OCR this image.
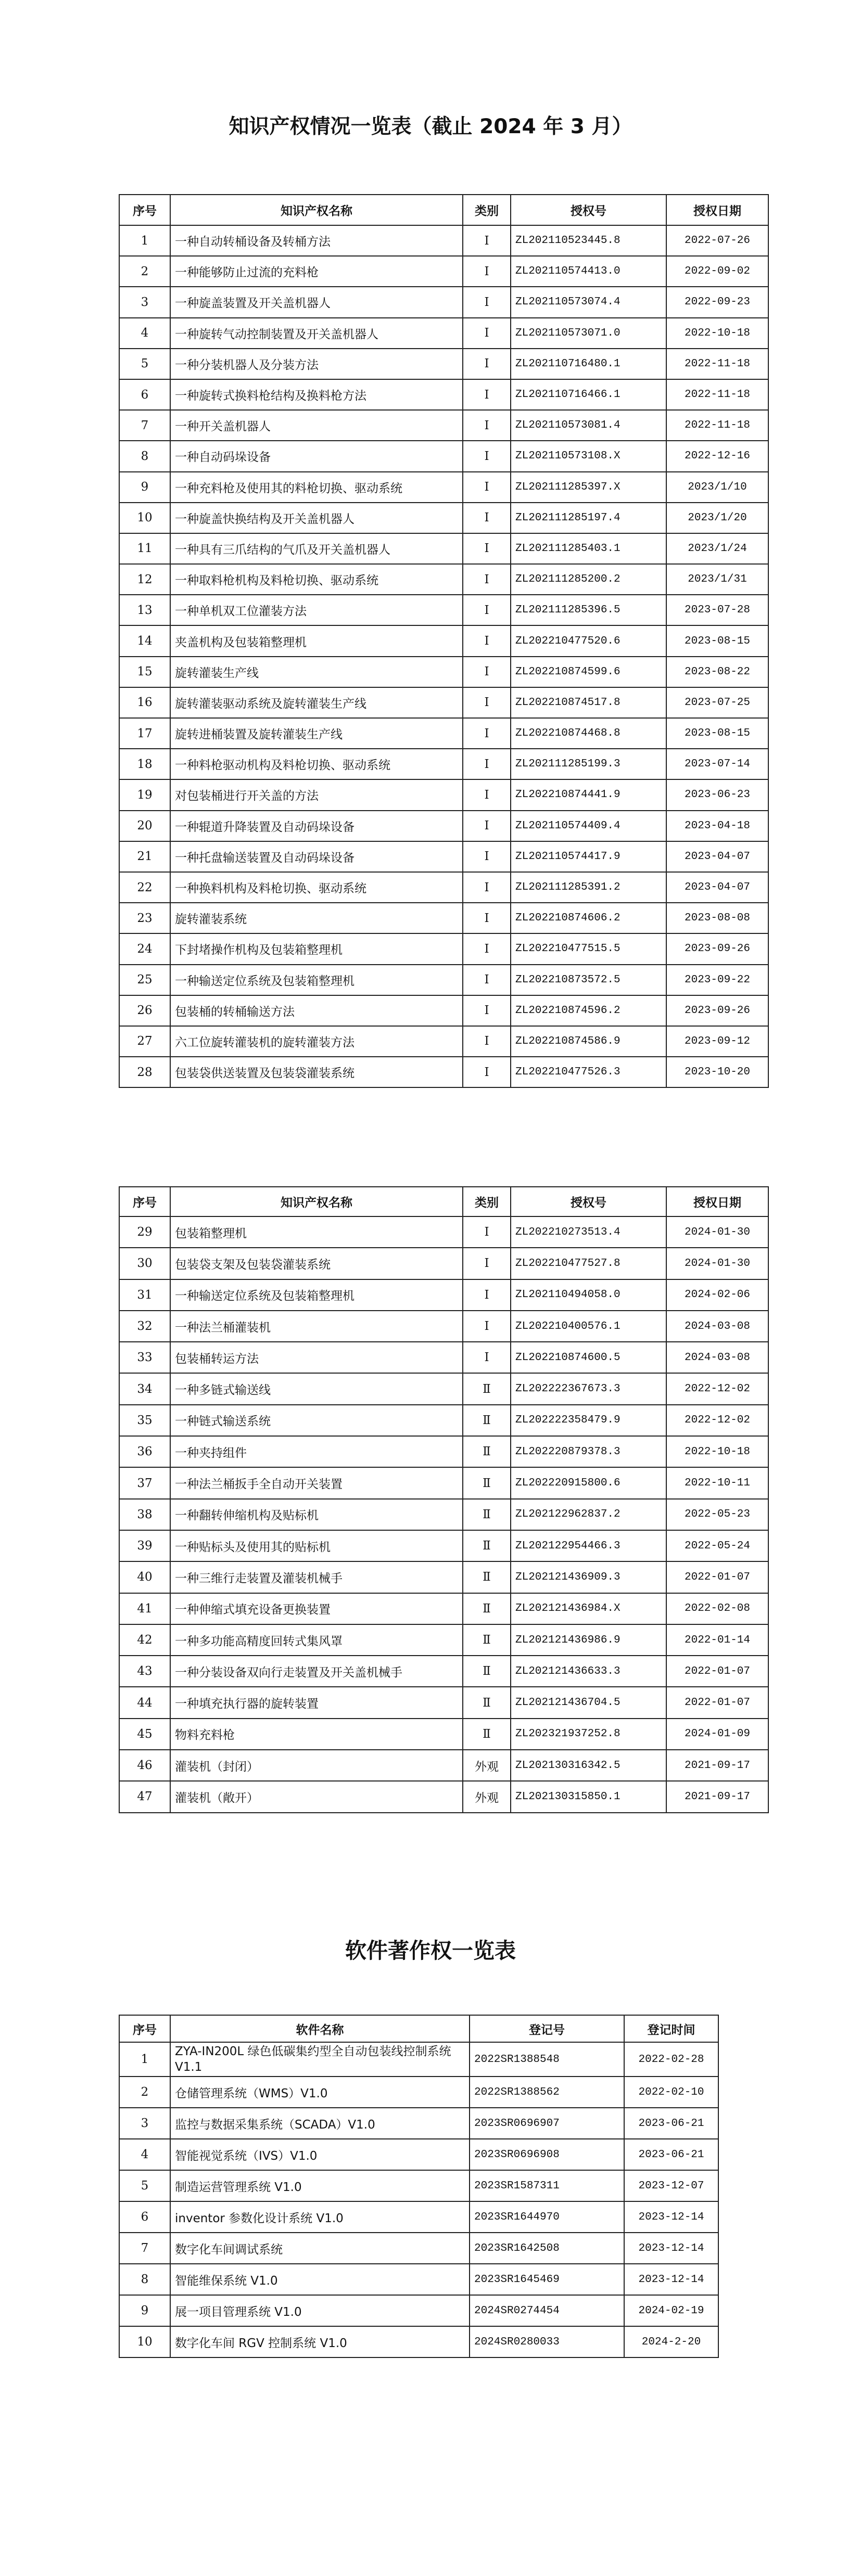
知识产权情况一览表（截止 2024 年 3 月）
序号	知识产权名称	类别	授权号	授权日期
1	一种自动转桶设备及转桶方法	Ⅰ	ZL202110523445.8	2022-07-26
2	一种能够防止过流的充料枪	Ⅰ	ZL202110574413.0	2022-09-02
3	一种旋盖装置及开关盖机器人	Ⅰ	ZL202110573074.4	2022-09-23
4	一种旋转气动控制装置及开关盖机器人	Ⅰ	ZL202110573071.0	2022-10-18
5	一种分装机器人及分装方法	Ⅰ	ZL202110716480.1	2022-11-18
6	一种旋转式换料枪结构及换料枪方法	Ⅰ	ZL202110716466.1	2022-11-18
7	一种开关盖机器人	Ⅰ	ZL202110573081.4	2022-11-18
8	一种自动码垛设备	Ⅰ	ZL202110573108.X	2022-12-16
9	一种充料枪及使用其的料枪切换、驱动系统	Ⅰ	ZL202111285397.X	2023/1/10
10	一种旋盖快换结构及开关盖机器人	Ⅰ	ZL202111285197.4	2023/1/20
11	一种具有三爪结构的气爪及开关盖机器人	Ⅰ	ZL202111285403.1	2023/1/24
12	一种取料枪机构及料枪切换、驱动系统	Ⅰ	ZL202111285200.2	2023/1/31
13	一种单机双工位灌装方法	Ⅰ	ZL202111285396.5	2023-07-28
14	夹盖机构及包装箱整理机	Ⅰ	ZL202210477520.6	2023-08-15
15	旋转灌装生产线	Ⅰ	ZL202210874599.6	2023-08-22
16	旋转灌装驱动系统及旋转灌装生产线	Ⅰ	ZL202210874517.8	2023-07-25
17	旋转进桶装置及旋转灌装生产线	Ⅰ	ZL202210874468.8	2023-08-15
18	一种料枪驱动机构及料枪切换、驱动系统	Ⅰ	ZL202111285199.3	2023-07-14
19	对包装桶进行开关盖的方法	Ⅰ	ZL202210874441.9	2023-06-23
20	一种辊道升降装置及自动码垛设备	Ⅰ	ZL202110574409.4	2023-04-18
21	一种托盘输送装置及自动码垛设备	Ⅰ	ZL202110574417.9	2023-04-07
22	一种换料机构及料枪切换、驱动系统	Ⅰ	ZL202111285391.2	2023-04-07
23	旋转灌装系统	Ⅰ	ZL202210874606.2	2023-08-08
24	下封堵操作机构及包装箱整理机	Ⅰ	ZL202210477515.5	2023-09-26
25	一种输送定位系统及包装箱整理机	Ⅰ	ZL202210873572.5	2023-09-22
26	包装桶的转桶输送方法	Ⅰ	ZL202210874596.2	2023-09-26
27	六工位旋转灌装机的旋转灌装方法	Ⅰ	ZL202210874586.9	2023-09-12
28	包装袋供送装置及包装袋灌装系统	Ⅰ	ZL202210477526.3	2023-10-20
序号	知识产权名称	类别	授权号	授权日期
29	包装箱整理机	Ⅰ	ZL202210273513.4	2024-01-30
30	包装袋支架及包装袋灌装系统	Ⅰ	ZL202210477527.8	2024-01-30
31	一种输送定位系统及包装箱整理机	Ⅰ	ZL202110494058.0	2024-02-06
32	一种法兰桶灌装机	Ⅰ	ZL202210400576.1	2024-03-08
33	包装桶转运方法	Ⅰ	ZL202210874600.5	2024-03-08
34	一种多链式输送线	Ⅱ	ZL202222367673.3	2022-12-02
35	一种链式输送系统	Ⅱ	ZL202222358479.9	2022-12-02
36	一种夹持组件	Ⅱ	ZL202220879378.3	2022-10-18
37	一种法兰桶扳手全自动开关装置	Ⅱ	ZL202220915800.6	2022-10-11
38	一种翻转伸缩机构及贴标机	Ⅱ	ZL202122962837.2	2022-05-23
39	一种贴标头及使用其的贴标机	Ⅱ	ZL202122954466.3	2022-05-24
40	一种三维行走装置及灌装机械手	Ⅱ	ZL202121436909.3	2022-01-07
41	一种伸缩式填充设备更换装置	Ⅱ	ZL202121436984.X	2022-02-08
42	一种多功能高精度回转式集风罩	Ⅱ	ZL202121436986.9	2022-01-14
43	一种分装设备双向行走装置及开关盖机械手	Ⅱ	ZL202121436633.3	2022-01-07
44	一种填充执行器的旋转装置	Ⅱ	ZL202121436704.5	2022-01-07
45	物料充料枪	Ⅱ	ZL202321937252.8	2024-01-09
46	灌装机（封闭）	外观	ZL202130316342.5	2021-09-17
47	灌装机（敞开）	外观	ZL202130315850.1	2021-09-17
软件著作权一览表
序号	软件名称	登记号	登记时间
1	ZYA-IN200L 绿色低碳集约型全自动包装线控制系统 V1.1	2022SR1388548	2022-02-28
2	仓储管理系统（WMS）V1.0	2022SR1388562	2022-02-10
3	监控与数据采集系统（SCADA）V1.0	2023SR0696907	2023-06-21
4	智能视觉系统（IVS）V1.0	2023SR0696908	2023-06-21
5	制造运营管理系统 V1.0	2023SR1587311	2023-12-07
6	inventor 参数化设计系统 V1.0	2023SR1644970	2023-12-14
7	数字化车间调试系统	2023SR1642508	2023-12-14
8	智能维保系统 V1.0	2023SR1645469	2023-12-14
9	展一项目管理系统 V1.0	2024SR0274454	2024-02-19
10	数字化车间 RGV 控制系统 V1.0	2024SR0280033	2024-2-20
